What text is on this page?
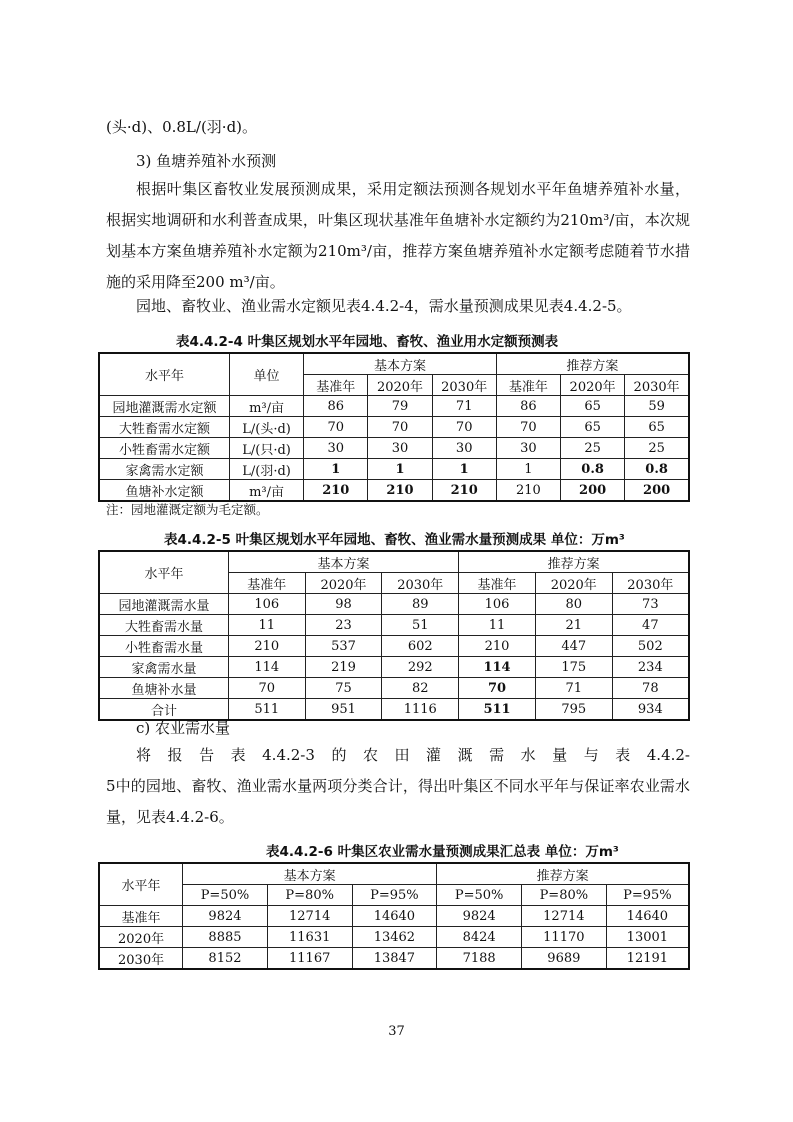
(头·d)、0.8L/(羽·d)。
3) 鱼塘养殖补水预测
根据叶集区畜牧业发展预测成果，采用定额法预测各规划水平年鱼塘养殖补水量，根据实地调研和水利普查成果，叶集区现状基准年鱼塘补水定额约为210m³/亩，本次规划基本方案鱼塘养殖补水定额为210m³/亩，推荐方案鱼塘养殖补水定额考虑随着节水措施的采用降至200 m³/亩。
园地、畜牧业、渔业需水定额见表4.4.2-4，需水量预测成果见表4.4.2-5。
表4.4.2-4 叶集区规划水平年园地、畜牧、渔业用水定额预测表
水平年	单位	基本方案			推荐方案		
		基准年	2020年	2030年	基准年	2020年	2030年
园地灌溉需水定额	m³/亩	86	79	71	86	65	59
大牲畜需水定额	L/(头·d)	70	70	70	70	65	65
小牲畜需水定额	L/(只·d)	30	30	30	30	25	25
家禽需水定额	L/(羽·d)	1	1	1	1	0.8	0.8
鱼塘补水定额	m³/亩	210	210	210	210	200	200
注：园地灌溉定额为毛定额。
表4.4.2-5 叶集区规划水平年园地、畜牧、渔业需水量预测成果 单位：万m³
水平年	基本方案			推荐方案		
	基准年	2020年	2030年	基准年	2020年	2030年
园地灌溉需水量	106	98	89	106	80	73
大牲畜需水量	11	23	51	11	21	47
小牲畜需水量	210	537	602	210	447	502
家禽需水量	114	219	292	114	175	234
鱼塘补水量	70	75	82	70	71	78
合计	511	951	1116	511	795	934
c) 农业需水量
将报告表4.4.2-3的农田灌溉需水量与表4.4.2-
5中的园地、畜牧、渔业需水量两项分类合计，得出叶集区不同水平年与保证率农业需水量，见表4.4.2-6。
表4.4.2-6 叶集区农业需水量预测成果汇总表 单位：万m³
水平年	基本方案			推荐方案		
	P=50%	P=80%	P=95%	P=50%	P=80%	P=95%
基准年	9824	12714	14640	9824	12714	14640
2020年	8885	11631	13462	8424	11170	13001
2030年	8152	11167	13847	7188	9689	12191
37
